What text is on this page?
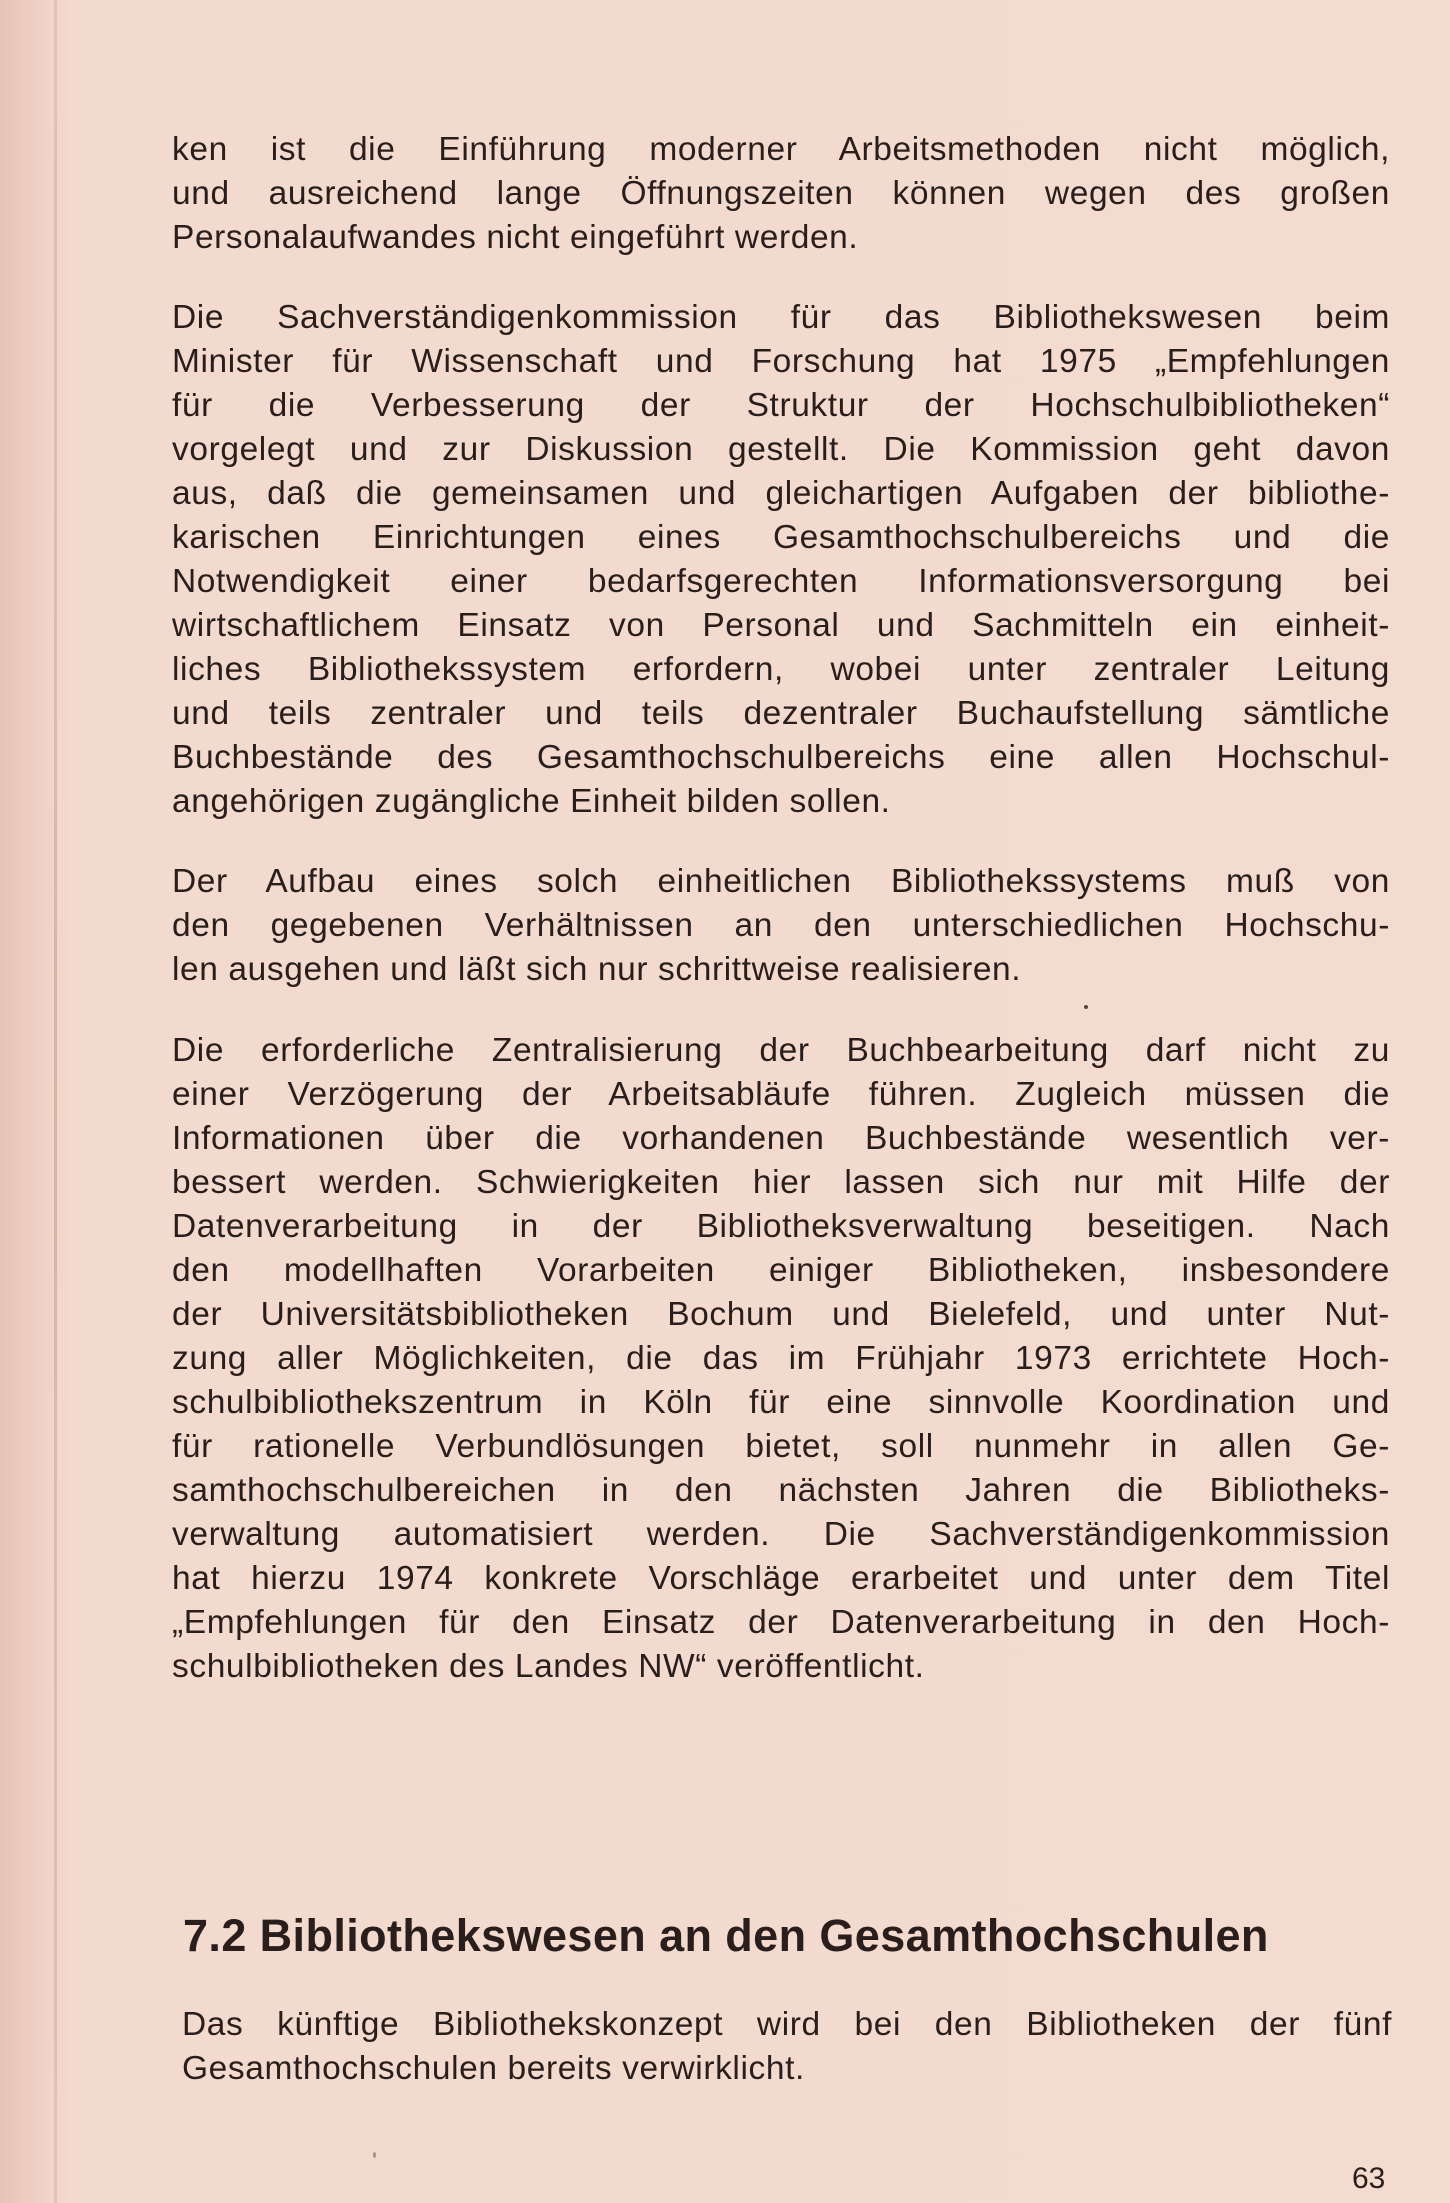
ken ist die Einführung moderner Arbeitsmethoden nicht möglich,
und ausreichend lange Öffnungszeiten können wegen des großen
Personalaufwandes nicht eingeführt werden.
Die Sachverständigenkommission für das Bibliothekswesen beim
Minister für Wissenschaft und Forschung hat 1975 „Empfehlungen
für die Verbesserung der Struktur der Hochschulbibliotheken“
vorgelegt und zur Diskussion gestellt. Die Kommission geht davon
aus, daß die gemeinsamen und gleichartigen Aufgaben der bibliothe-
karischen Einrichtungen eines Gesamthochschulbereichs und die
Notwendigkeit einer bedarfsgerechten Informationsversorgung bei
wirtschaftlichem Einsatz von Personal und Sachmitteln ein einheit-
liches Bibliothekssystem erfordern, wobei unter zentraler Leitung
und teils zentraler und teils dezentraler Buchaufstellung sämtliche
Buchbestände des Gesamthochschulbereichs eine allen Hochschul-
angehörigen zugängliche Einheit bilden sollen.
Der Aufbau eines solch einheitlichen Bibliothekssystems muß von
den gegebenen Verhältnissen an den unterschiedlichen Hochschu-
len ausgehen und läßt sich nur schrittweise realisieren.
Die erforderliche Zentralisierung der Buchbearbeitung darf nicht zu
einer Verzögerung der Arbeitsabläufe führen. Zugleich müssen die
Informationen über die vorhandenen Buchbestände wesentlich ver-
bessert werden. Schwierigkeiten hier lassen sich nur mit Hilfe der
Datenverarbeitung in der Bibliotheksverwaltung beseitigen. Nach
den modellhaften Vorarbeiten einiger Bibliotheken, insbesondere
der Universitätsbibliotheken Bochum und Bielefeld, und unter Nut-
zung aller Möglichkeiten, die das im Frühjahr 1973 errichtete Hoch-
schulbibliothekszentrum in Köln für eine sinnvolle Koordination und
für rationelle Verbundlösungen bietet, soll nunmehr in allen Ge-
samthochschulbereichen in den nächsten Jahren die Bibliotheks-
verwaltung automatisiert werden. Die Sachverständigenkommission
hat hierzu 1974 konkrete Vorschläge erarbeitet und unter dem Titel
„Empfehlungen für den Einsatz der Datenverarbeitung in den Hoch-
schulbibliotheken des Landes NW“ veröffentlicht.
7.2 Bibliothekswesen an den Gesamthochschulen
Das künftige Bibliothekskonzept wird bei den Bibliotheken der fünf
Gesamthochschulen bereits verwirklicht.
63
